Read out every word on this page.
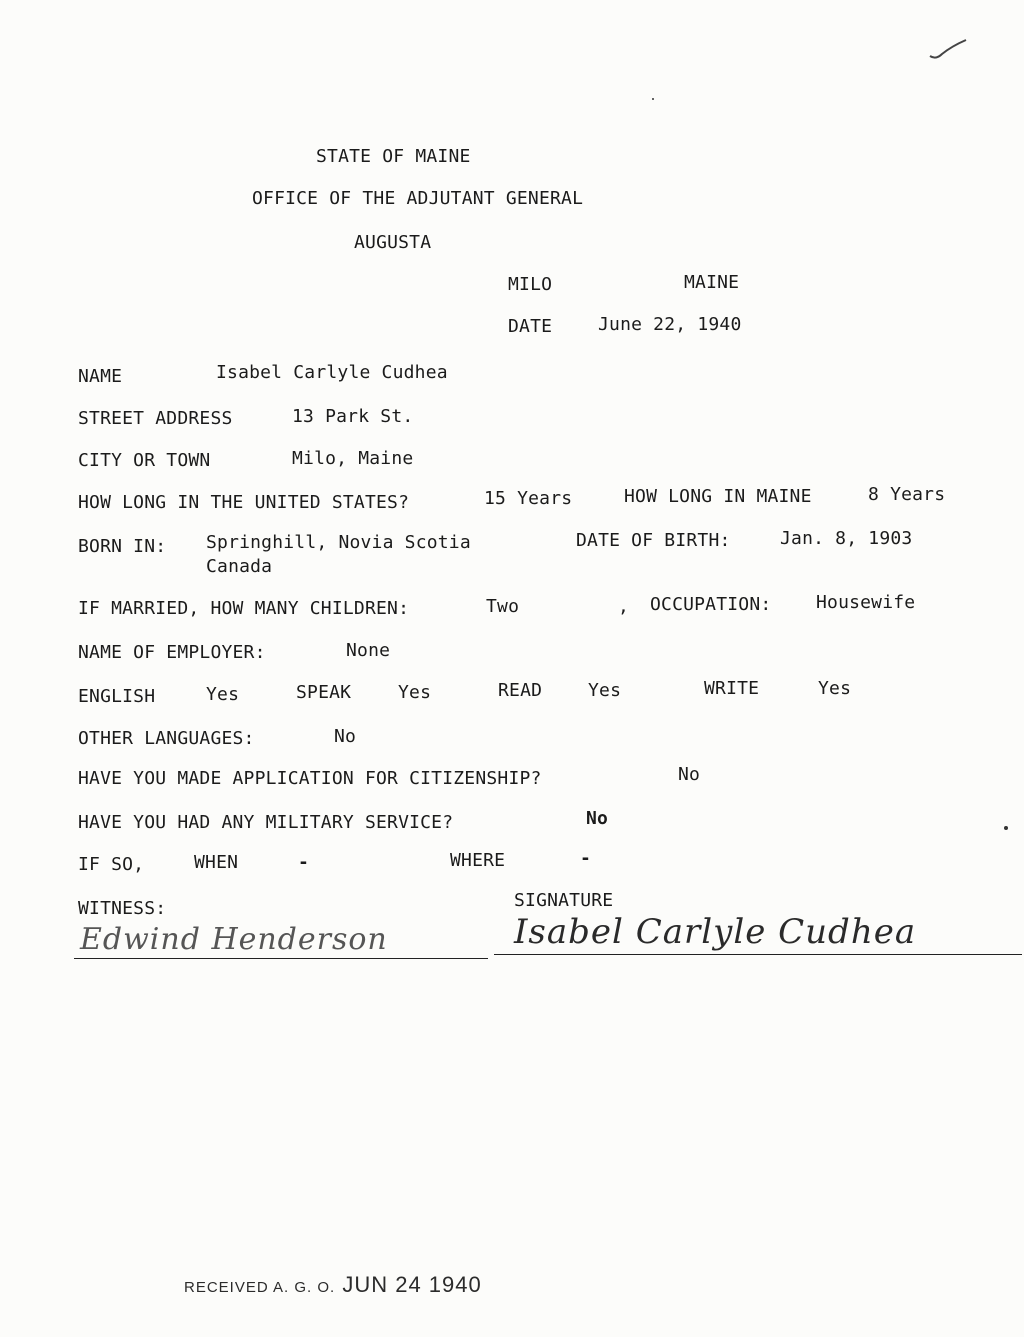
STATE OF MAINE
OFFICE OF THE ADJUTANT GENERAL
AUGUSTA
MILO	MAINE
DATE	June 22, 1940
NAME	Isabel Carlyle Cudhea
STREET ADDRESS	13 Park St.
CITY OR TOWN	Milo, Maine
HOW LONG IN THE UNITED STATES?	15 Years	HOW LONG IN MAINE	8 Years
BORN IN: Springhill, Novia Scotia
Canada
DATE OF BIRTH:	Jan. 8, 1903
IF MARRIED, HOW MANY CHILDREN:	Two	, OCCUPATION: Housewife
NAME OF EMPLOYER:	None
ENGLISH	Yes	SPEAK	Yes	READ	Yes	WRITE	Yes
OTHER LANGUAGES:	No
HAVE YOU MADE APPLICATION FOR CITIZENSHIP?	No
HAVE YOU HAD ANY MILITARY SERVICE?	No
IF SO,	WHEN	-	WHERE	-
WITNESS:	SIGNATURE
Edwind Henderson	Isabel Carlyle Cudhea
RECEIVED A. G. O. JUN 24 1940
